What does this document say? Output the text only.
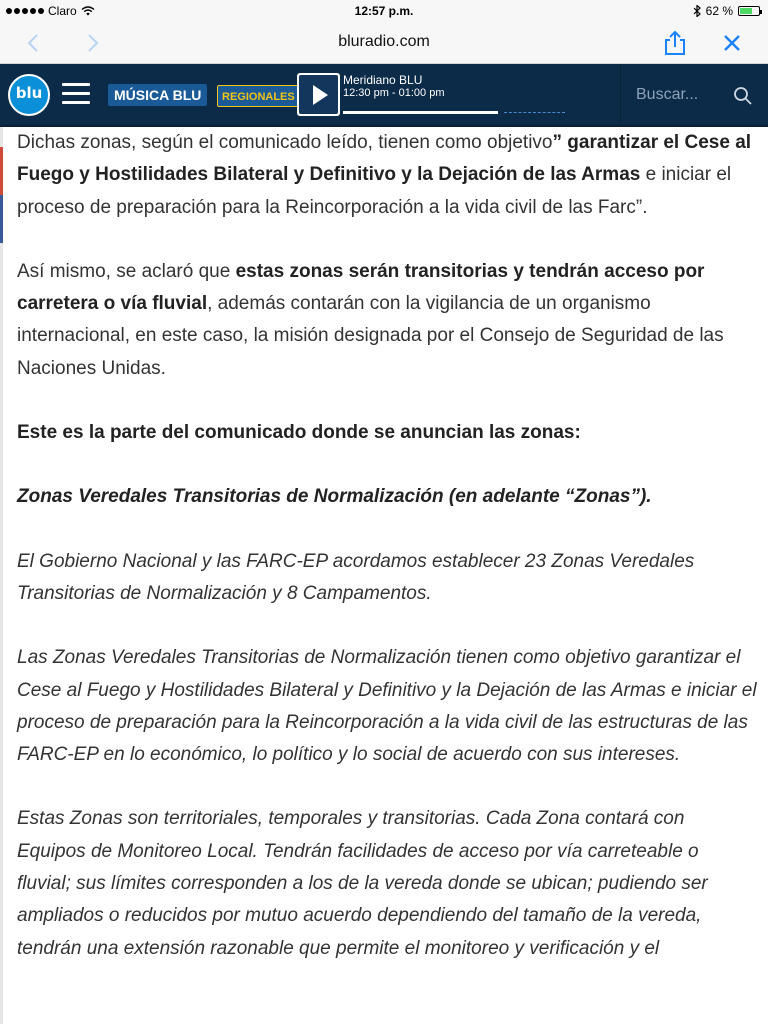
Claro	12:57 p.m.	62 %
bluradio.com
blu	MÚSICA BLU	REGIONALES
Meridiano BLU
12:30 pm - 01:00 pm
Buscar...

Dichas zonas, según el comunicado leído, tienen como objetivo” garantizar el Cese al Fuego y Hostilidades Bilateral y Definitivo y la Dejación de las Armas e iniciar el proceso de preparación para la Reincorporación a la vida civil de las Farc”.

Así mismo, se aclaró que estas zonas serán transitorias y tendrán acceso por carretera o vía fluvial, además contarán con la vigilancia de un organismo internacional, en este caso, la misión designada por el Consejo de Seguridad de las Naciones Unidas.

Este es la parte del comunicado donde se anuncian las zonas:

Zonas Veredales Transitorias de Normalización (en adelante “Zonas”).

El Gobierno Nacional y las FARC-EP acordamos establecer 23 Zonas Veredales Transitorias de Normalización y 8 Campamentos.

Las Zonas Veredales Transitorias de Normalización tienen como objetivo garantizar el Cese al Fuego y Hostilidades Bilateral y Definitivo y la Dejación de las Armas e iniciar el proceso de preparación para la Reincorporación a la vida civil de las estructuras de las FARC-EP en lo económico, lo político y lo social de acuerdo con sus intereses.

Estas Zonas son territoriales, temporales y transitorias. Cada Zona contará con Equipos de Monitoreo Local. Tendrán facilidades de acceso por vía carreteable o fluvial; sus límites corresponden a los de la vereda donde se ubican; pudiendo ser ampliados o reducidos por mutuo acuerdo dependiendo del tamaño de la vereda, tendrán una extensión razonable que permite el monitoreo y verificación y el
